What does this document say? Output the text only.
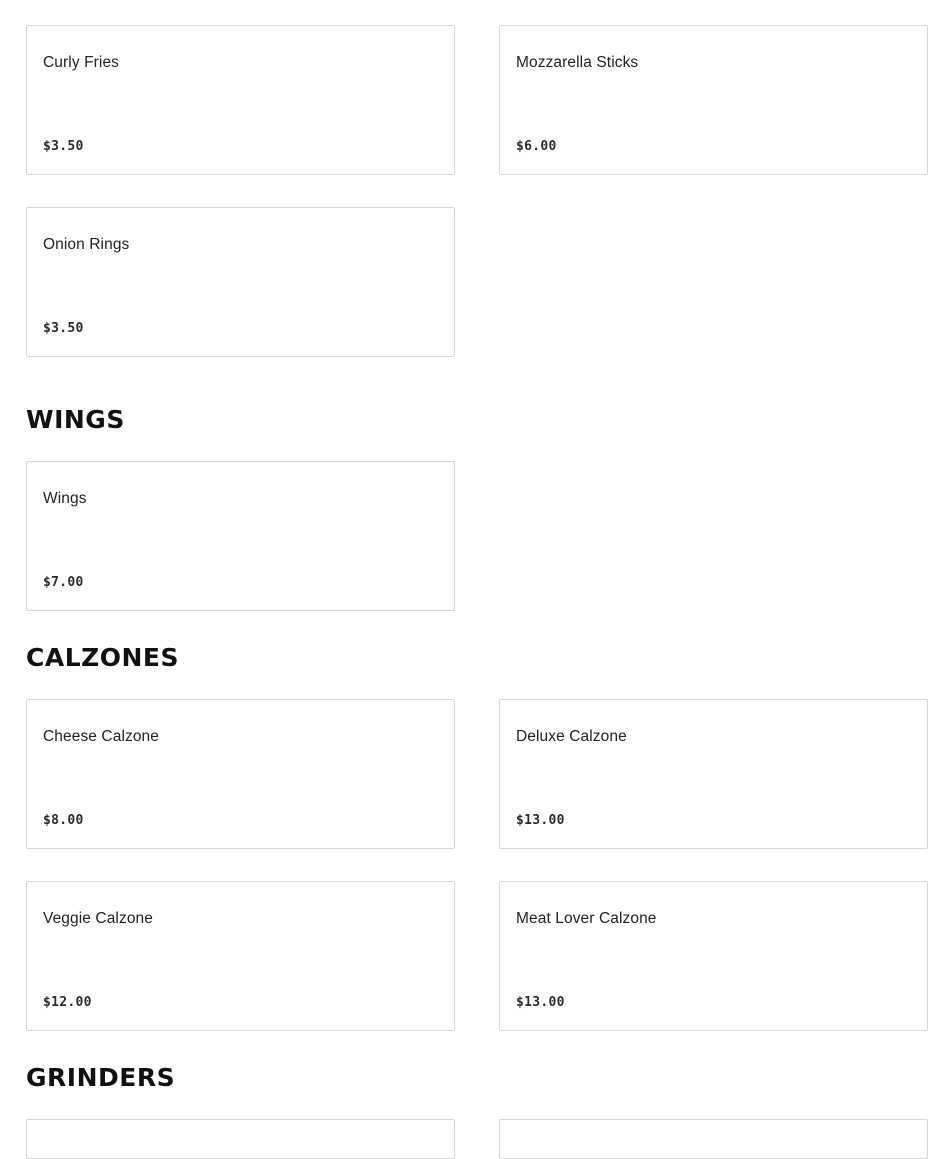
Curly Fries
$3.50
Mozzarella Sticks
$6.00
Onion Rings
$3.50
WINGS
Wings
$7.00
CALZONES
Cheese Calzone
$8.00
Deluxe Calzone
$13.00
Veggie Calzone
$12.00
Meat Lover Calzone
$13.00
GRINDERS
